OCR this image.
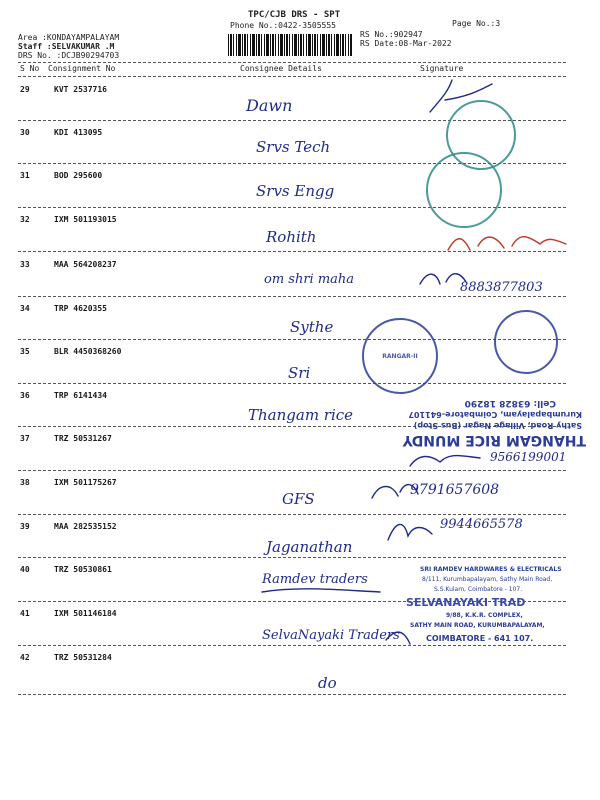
TPC/CJB DRS - SPT
Phone No.:0422-3505555	Page No.:3
Area :KONDAYAMPALAYAM
Staff :SELVAKUMAR .M
DRS No. :DCJB90294703
RS No.:902947
RS Date:08-Mar-2022
S No Consignment No	Consignee Details	Signature
29	KVT 2537716
Dawn
30	KDI 413095
Srvs Tech
31	BOD 295600
Srvs Engg
32	IXM 501193015
Rohith
33	MAA 564208237
om shri maha
8883877803
34	TRP 4620355
Sythe
35	BLR 4450368260
Sri
36	TRP 6141434
Thangam rice
37	TRZ 50531267
9566199001
38	IXM 501175267
GFS	9791657608
39	MAA 282535152
Jaganathan
9944665578
40	TRZ 50530861
Ramdev traders
41	IXM 501146184
SelvaNayaki Traders
42	TRZ 50531284
do
RANGAR-II
THANGAM RICE MUNDY
Sathy Road, Village Nagar (Bus Stop)
Kurumbapalayam, Coimbatore-641107
Cell: 63828 18290
SRI RAMDEV HARDWARES & ELECTRICALS
8/111, Kurumbapalayam, Sathy Main Road,
S.S.Kulam, Coimbatore - 107.
SELVANAYAKI TRAD
9/88, K.K.R. COMPLEX,
SATHY MAIN ROAD, KURUMBAPALAYAM,
COIMBATORE - 641 107.
